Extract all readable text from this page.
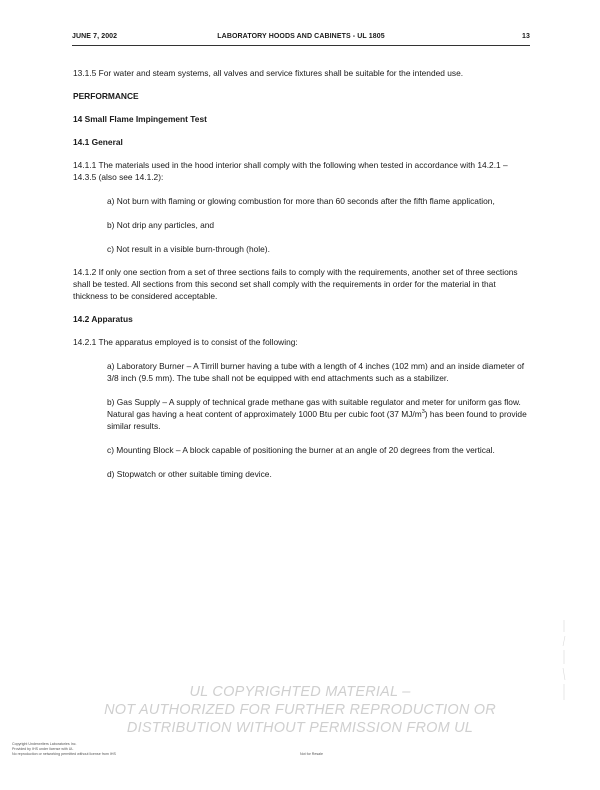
JUNE 7, 2002	LABORATORY HOODS AND CABINETS - UL 1805	13

13.1.5 For water and steam systems, all valves and service fixtures shall be suitable for the intended use.

PERFORMANCE

14 Small Flame Impingement Test

14.1 General

14.1.1 The materials used in the hood interior shall comply with the following when tested in accordance with 14.2.1 – 14.3.5 (also see 14.1.2):

a) Not burn with flaming or glowing combustion for more than 60 seconds after the fifth flame application,

b) Not drip any particles, and

c) Not result in a visible burn-through (hole).

14.1.2 If only one section from a set of three sections fails to comply with the requirements, another set of three sections shall be tested. All sections from this second set shall comply with the requirements in order for the material in that thickness to be considered acceptable.

14.2 Apparatus

14.2.1 The apparatus employed is to consist of the following:

a) Laboratory Burner – A Tirrill burner having a tube with a length of 4 inches (102 mm) and an inside diameter of 3/8 inch (9.5 mm). The tube shall not be equipped with end attachments such as a stabilizer.

b) Gas Supply – A supply of technical grade methane gas with suitable regulator and meter for uniform gas flow. Natural gas having a heat content of approximately 1000 Btu per cubic foot (37 $MJ/m^3$) has been found to provide similar results.

c) Mounting Block – A block capable of positioning the burner at an angle of 20 degrees from the vertical.

d) Stopwatch or other suitable timing device.

UL COPYRIGHTED MATERIAL –
NOT AUTHORIZED FOR FURTHER REPRODUCTION OR
DISTRIBUTION WITHOUT PERMISSION FROM UL
Copyright Underwriters Laboratories Inc.
Provided by IHS under license with UL
No reproduction or networking permitted without license from IHS	Not for Resale
